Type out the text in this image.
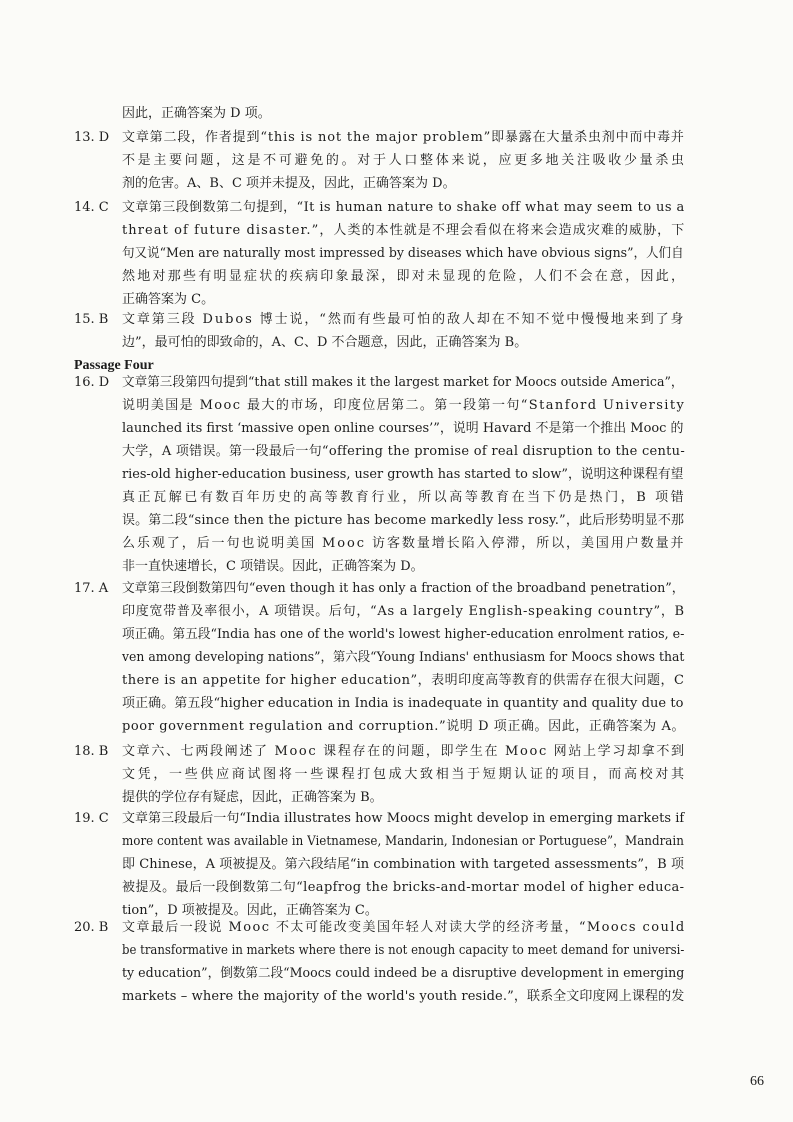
因此，正确答案为 D 项。
13. D 文章第二段，作者提到“this is not the major problem”即暴露在大量杀虫剂中而中毒并
不是主要问题，这是不可避免的。对于人口整体来说，应更多地关注吸收少量杀虫
剂的危害。A、B、C 项并未提及，因此，正确答案为 D。
14. C 文章第三段倒数第二句提到，“It is human nature to shake off what may seem to us a
threat of future disaster.”，人类的本性就是不理会看似在将来会造成灾难的威胁，下
句又说“Men are naturally most impressed by diseases which have obvious signs”，人们自
然地对那些有明显症状的疾病印象最深，即对未显现的危险，人们不会在意，因此，
正确答案为 C。
15. B 文章第三段 Dubos 博士说，“然而有些最可怕的敌人却在不知不觉中慢慢地来到了身
边”，最可怕的即致命的，A、C、D 不合题意，因此，正确答案为 B。
Passage Four
16. D 文章第三段第四句提到“that still makes it the largest market for Moocs outside America”，
说明美国是 Mooc 最大的市场，印度位居第二。第一段第一句“Stanford University
launched its first ‘massive open online courses’”，说明 Havard 不是第一个推出 Mooc 的
大学，A 项错误。第一段最后一句“offering the promise of real disruption to the centu-
ries-old higher-education business, user growth has started to slow”，说明这种课程有望
真正瓦解已有数百年历史的高等教育行业，所以高等教育在当下仍是热门，B 项错
误。第二段“since then the picture has become markedly less rosy.”，此后形势明显不那
么乐观了，后一句也说明美国 Mooc 访客数量增长陷入停滞，所以，美国用户数量并
非一直快速增长，C 项错误。因此，正确答案为 D。
17. A 文章第三段倒数第四句“even though it has only a fraction of the broadband penetration”，
印度宽带普及率很小，A 项错误。后句，“As a largely English-speaking country”，B
项正确。第五段“India has one of the world's lowest higher-education enrolment ratios, e-
ven among developing nations”，第六段“Young Indians' enthusiasm for Moocs shows that
there is an appetite for higher education”，表明印度高等教育的供需存在很大问题，C
项正确。第五段“higher education in India is inadequate in quantity and quality due to
poor government regulation and corruption.”说明 D 项正确。因此，正确答案为 A。
18. B 文章六、七两段阐述了 Mooc 课程存在的问题，即学生在 Mooc 网站上学习却拿不到
文凭，一些供应商试图将一些课程打包成大致相当于短期认证的项目，而高校对其
提供的学位存有疑虑，因此，正确答案为 B。
19. C 文章第三段最后一句“India illustrates how Moocs might develop in emerging markets if
more content was available in Vietnamese, Mandarin, Indonesian or Portuguese”，Mandrain
即 Chinese，A 项被提及。第六段结尾“in combination with targeted assessments”，B 项
被提及。最后一段倒数第二句“leapfrog the bricks-and-mortar model of higher educa-
tion”，D 项被提及。因此，正确答案为 C。
20. B 文章最后一段说 Mooc 不太可能改变美国年轻人对读大学的经济考量，“Moocs could
be transformative in markets where there is not enough capacity to meet demand for universi-
ty education”，倒数第二段“Moocs could indeed be a disruptive development in emerging
markets – where the majority of the world's youth reside.”，联系全文印度网上课程的发
66
